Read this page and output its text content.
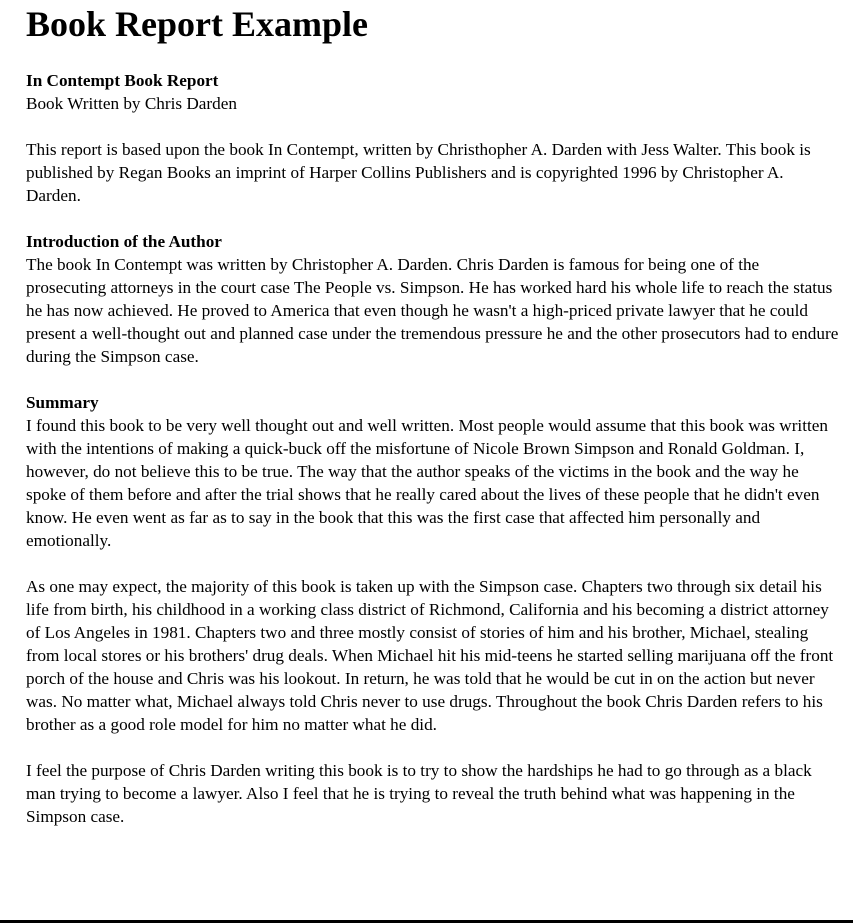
Book Report Example
In Contempt Book Report
Book Written by Chris Darden

This report is based upon the book In Contempt, written by Christhopher A. Darden with Jess Walter. This book is published by Regan Books an imprint of Harper Collins Publishers and is copyrighted 1996 by Christopher A. Darden.

Introduction of the Author

The book In Contempt was written by Christopher A. Darden. Chris Darden is famous for being one of the prosecuting attorneys in the court case The People vs. Simpson. He has worked hard his whole life to reach the status he has now achieved. He proved to America that even though he wasn't a high-priced private lawyer that he could present a well-thought out and planned case under the tremendous pressure he and the other prosecutors had to endure during the Simpson case.

Summary

I found this book to be very well thought out and well written. Most people would assume that this book was written with the intentions of making a quick-buck off the misfortune of Nicole Brown Simpson and Ronald Goldman. I, however, do not believe this to be true. The way that the author speaks of the victims in the book and the way he spoke of them before and after the trial shows that he really cared about the lives of these people that he didn't even know. He even went as far as to say in the book that this was the first case that affected him personally and emotionally.

As one may expect, the majority of this book is taken up with the Simpson case. Chapters two through six detail his life from birth, his childhood in a working class district of Richmond, California and his becoming a district attorney of Los Angeles in 1981. Chapters two and three mostly consist of stories of him and his brother, Michael, stealing from local stores or his brothers' drug deals. When Michael hit his mid-teens he started selling marijuana off the front porch of the house and Chris was his lookout. In return, he was told that he would be cut in on the action but never was. No matter what, Michael always told Chris never to use drugs. Throughout the book Chris Darden refers to his brother as a good role model for him no matter what he did.

I feel the purpose of Chris Darden writing this book is to try to show the hardships he had to go through as a black man trying to become a lawyer. Also I feel that he is trying to reveal the truth behind what was happening in the Simpson case.
